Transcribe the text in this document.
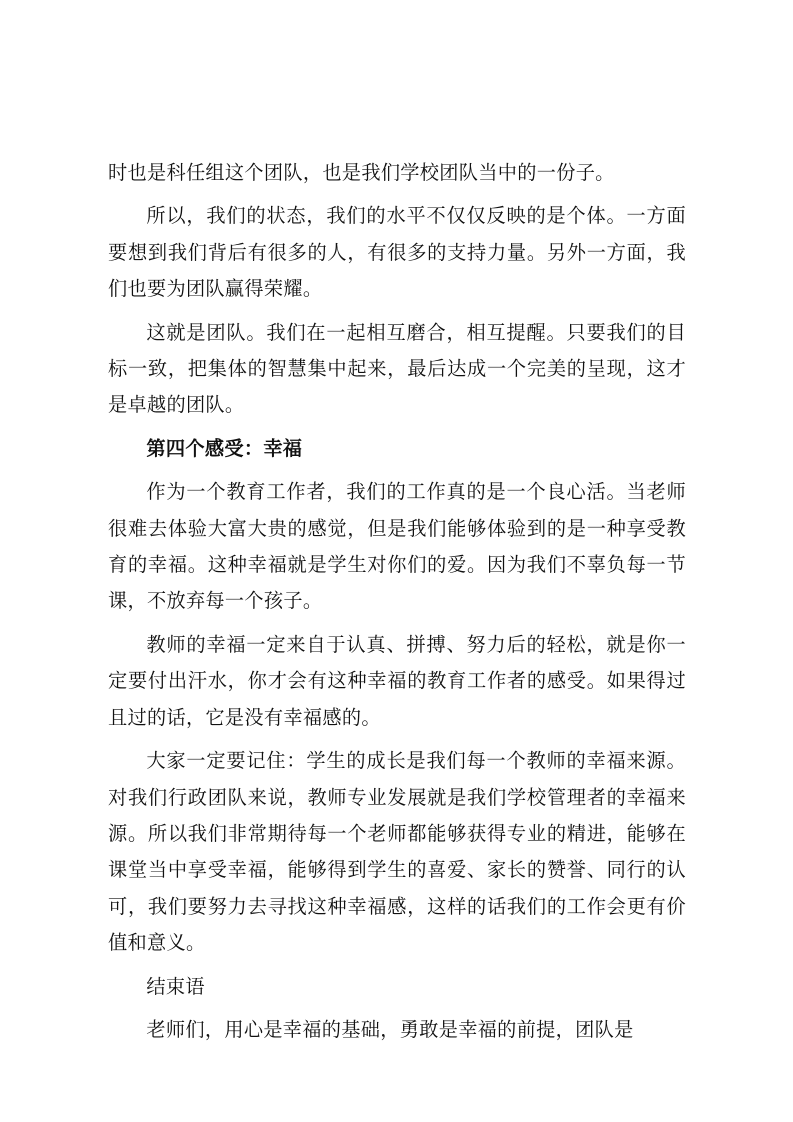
时也是科任组这个团队，也是我们学校团队当中的一份子。

所以，我们的状态，我们的水平不仅仅反映的是个体。一方面要想到我们背后有很多的人，有很多的支持力量。另外一方面，我们也要为团队赢得荣耀。

这就是团队。我们在一起相互磨合，相互提醒。只要我们的目标一致，把集体的智慧集中起来，最后达成一个完美的呈现，这才是卓越的团队。

第四个感受：幸福

作为一个教育工作者，我们的工作真的是一个良心活。当老师很难去体验大富大贵的感觉，但是我们能够体验到的是一种享受教育的幸福。这种幸福就是学生对你们的爱。因为我们不辜负每一节课，不放弃每一个孩子。

教师的幸福一定来自于认真、拼搏、努力后的轻松，就是你一定要付出汗水，你才会有这种幸福的教育工作者的感受。如果得过且过的话，它是没有幸福感的。

大家一定要记住：学生的成长是我们每一个教师的幸福来源。对我们行政团队来说，教师专业发展就是我们学校管理者的幸福来源。所以我们非常期待每一个老师都能够获得专业的精进，能够在课堂当中享受幸福，能够得到学生的喜爱、家长的赞誉、同行的认可，我们要努力去寻找这种幸福感，这样的话我们的工作会更有价值和意义。

结束语

老师们，用心是幸福的基础，勇敢是幸福的前提，团队是
